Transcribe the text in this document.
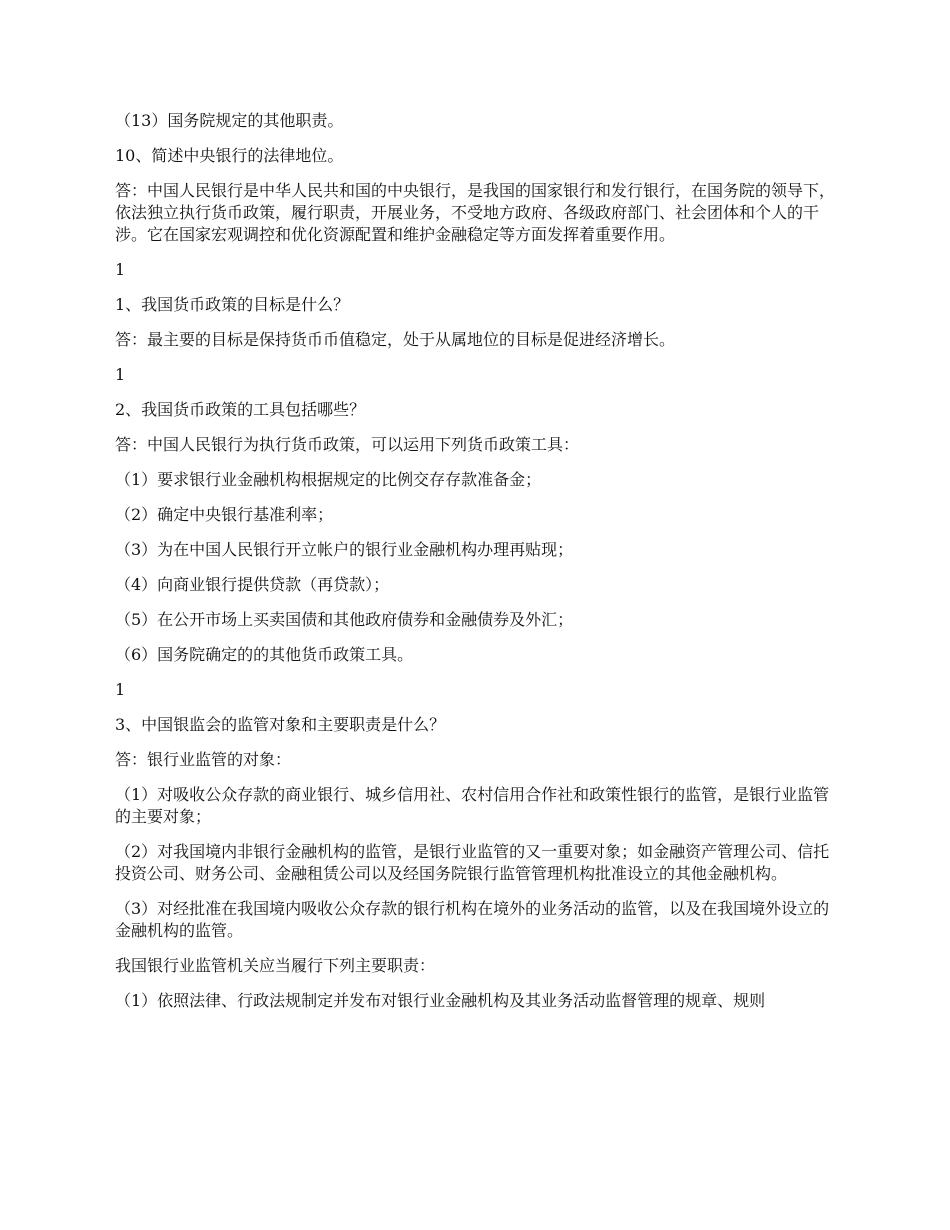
（13）国务院规定的其他职责。

10、简述中央银行的法律地位。

答：中国人民银行是中华人民共和国的中央银行，是我国的国家银行和发行银行，在国务院的领导下，依法独立执行货币政策，履行职责，开展业务，不受地方政府、各级政府部门、社会团体和个人的干涉。它在国家宏观调控和优化资源配置和维护金融稳定等方面发挥着重要作用。

1

1、我国货币政策的目标是什么？

答：最主要的目标是保持货币币值稳定，处于从属地位的目标是促进经济增长。

1

2、我国货币政策的工具包括哪些？

答：中国人民银行为执行货币政策，可以运用下列货币政策工具：

（1）要求银行业金融机构根据规定的比例交存存款准备金；

（2）确定中央银行基准利率；

（3）为在中国人民银行开立帐户的银行业金融机构办理再贴现；

（4）向商业银行提供贷款（再贷款）；

（5）在公开市场上买卖国债和其他政府债券和金融债券及外汇；

（6）国务院确定的的其他货币政策工具。

1

3、中国银监会的监管对象和主要职责是什么？

答：银行业监管的对象：

（1）对吸收公众存款的商业银行、城乡信用社、农村信用合作社和政策性银行的监管，是银行业监管的主要对象；

（2）对我国境内非银行金融机构的监管，是银行业监管的又一重要对象；如金融资产管理公司、信托投资公司、财务公司、金融租赁公司以及经国务院银行监管管理机构批准设立的其他金融机构。

（3）对经批准在我国境内吸收公众存款的银行机构在境外的业务活动的监管，以及在我国境外设立的金融机构的监管。

我国银行业监管机关应当履行下列主要职责：

（1）依照法律、行政法规制定并发布对银行业金融机构及其业务活动监督管理的规章、规则
